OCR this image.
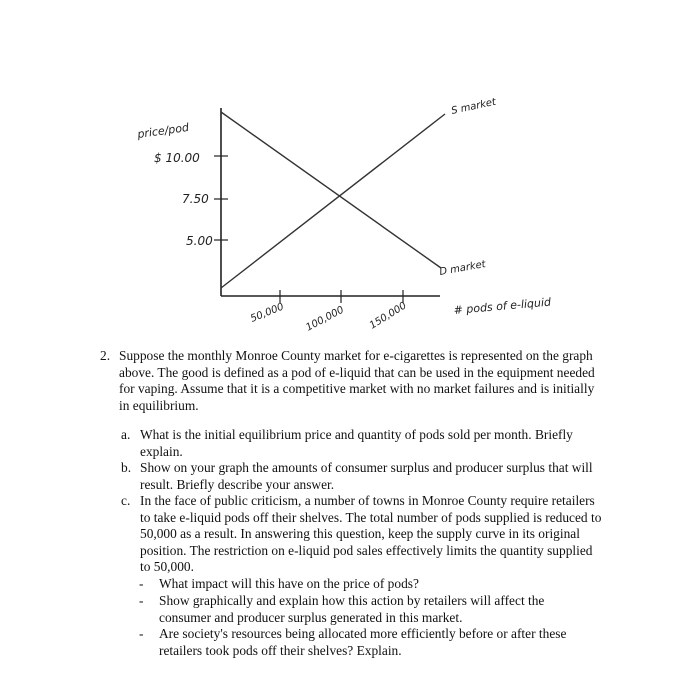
price/pod
$ 10.00
7.50
5.00
50,000 100,000 150,000
S market
D market
# pods of e-liquid
2. Suppose the monthly Monroe County market for e-cigarettes is represented on the graph above. The good is defined as a pod of e-liquid that can be used in the equipment needed for vaping. Assume that it is a competitive market with no market failures and is initially in equilibrium.
a. What is the initial equilibrium price and quantity of pods sold per month. Briefly explain.
b. Show on your graph the amounts of consumer surplus and producer surplus that will result. Briefly describe your answer.
c. In the face of public criticism, a number of towns in Monroe County require retailers to take e-liquid pods off their shelves. The total number of pods supplied is reduced to 50,000 as a result. In answering this question, keep the supply curve in its original position. The restriction on e-liquid pod sales effectively limits the quantity supplied to 50,000.
- What impact will this have on the price of pods?
- Show graphically and explain how this action by retailers will affect the consumer and producer surplus generated in this market.
- Are society's resources being allocated more efficiently before or after these retailers took pods off their shelves? Explain.
